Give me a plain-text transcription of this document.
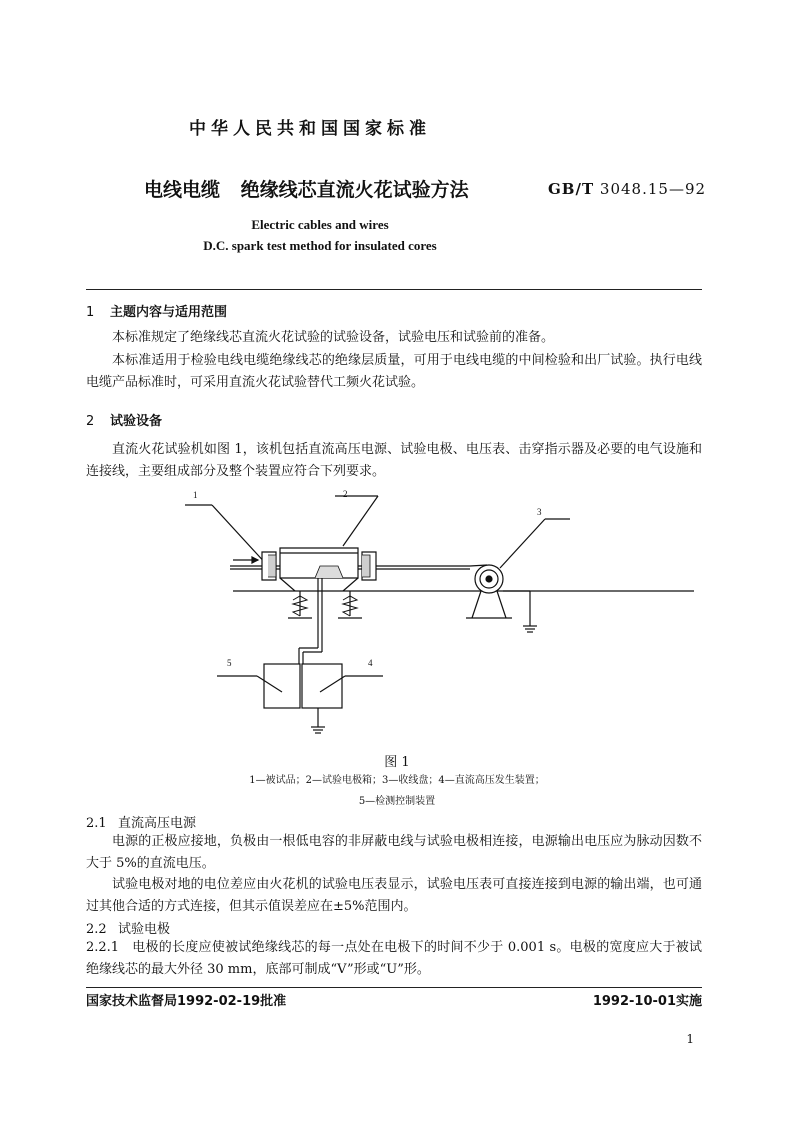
中华人民共和国国家标准
电线电缆 绝缘线芯直流火花试验方法	GB/T 3048.15—92
Electric cables and wires
D.C. spark test method for insulated cores
1 主题内容与适用范围
本标准规定了绝缘线芯直流火花试验的试验设备，试验电压和试验前的准备。
本标准适用于检验电线电缆绝缘线芯的绝缘层质量，可用于电线电缆的中间检验和出厂试验。执行电线电缆产品标准时，可采用直流火花试验替代工频火花试验。
2 试验设备
直流火花试验机如图 1，该机包括直流高压电源、试验电极、电压表、击穿指示器及必要的电气设施和连接线，主要组成部分及整个装置应符合下列要求。
1	2
3
4
5
图 1
1—被试品；2—试验电极箱；3—收线盘；4—直流高压发生装置；
5—检测控制装置
2.1 直流高压电源
电源的正极应接地，负极由一根低电容的非屏蔽电线与试验电极相连接，电源输出电压应为脉动因数不大于 5%的直流电压。
试验电极对地的电位差应由火花机的试验电压表显示，试验电压表可直接连接到电源的输出端，也可通过其他合适的方式连接，但其示值误差应在±5%范围内。
2.2 试验电极
2.2.1 电极的长度应使被试绝缘线芯的每一点处在电极下的时间不少于 0.001 s。电极的宽度应大于被试绝缘线芯的最大外径 30 mm，底部可制成“V”形或“U”形。
国家技术监督局1992-02-19批准	1992-10-01实施
1
